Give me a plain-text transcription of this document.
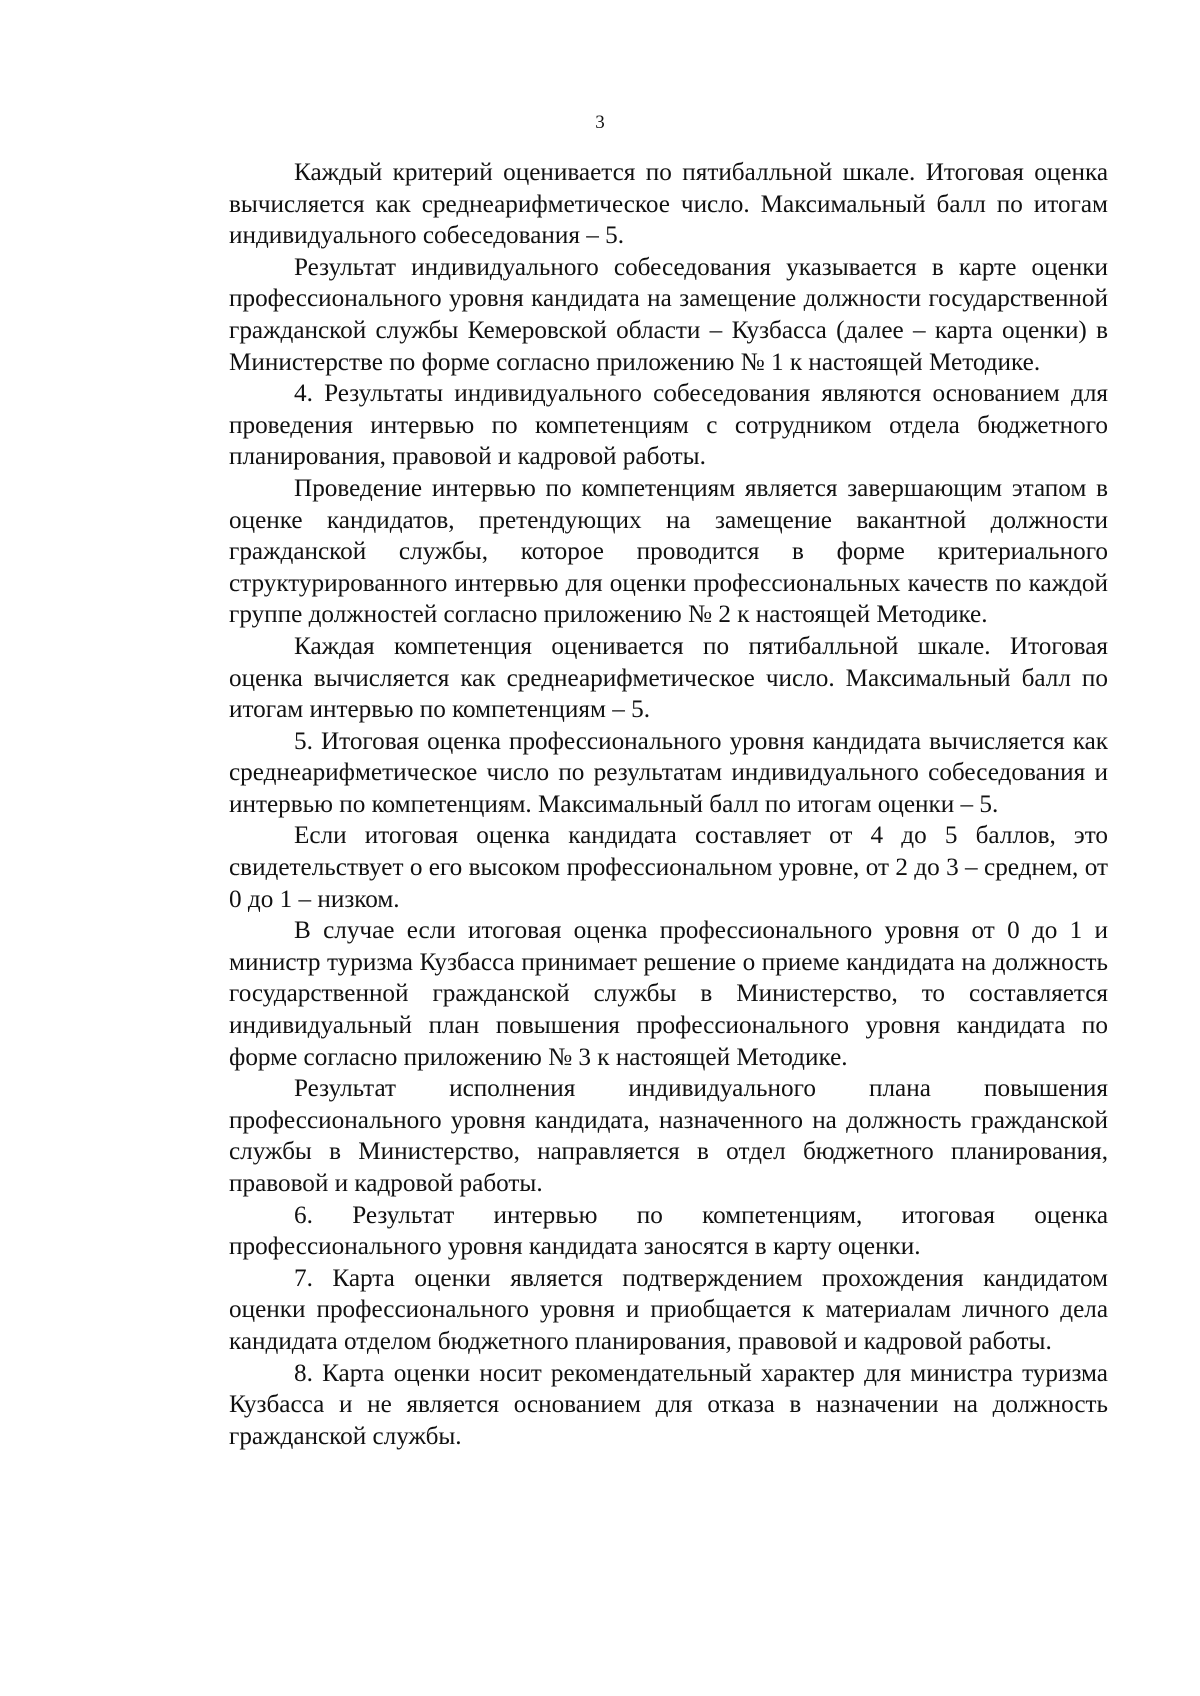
3

Каждый критерий оценивается по пятибалльной шкале. Итоговая оценка вычисляется как среднеарифметическое число. Максимальный балл по итогам индивидуального собеседования – 5.

Результат индивидуального собеседования указывается в карте оценки профессионального уровня кандидата на замещение должности государственной гражданской службы Кемеровской области – Кузбасса (далее – карта оценки) в Министерстве по форме согласно приложению № 1 к настоящей Методике.

4. Результаты индивидуального собеседования являются основанием для проведения интервью по компетенциям с сотрудником отдела бюджетного планирования, правовой и кадровой работы.

Проведение интервью по компетенциям является завершающим этапом в оценке кандидатов, претендующих на замещение вакантной должности гражданской службы, которое проводится в форме критериального структурированного интервью для оценки профессиональных качеств по каждой группе должностей согласно приложению № 2 к настоящей Методике.

Каждая компетенция оценивается по пятибалльной шкале. Итоговая оценка вычисляется как среднеарифметическое число. Максимальный балл по итогам интервью по компетенциям – 5.

5. Итоговая оценка профессионального уровня кандидата вычисляется как среднеарифметическое число по результатам индивидуального собеседования и интервью по компетенциям. Максимальный балл по итогам оценки – 5.

Если итоговая оценка кандидата составляет от 4 до 5 баллов, это свидетельствует о его высоком профессиональном уровне, от 2 до 3 – среднем, от 0 до 1 – низком.

В случае если итоговая оценка профессионального уровня от 0 до 1 и министр туризма Кузбасса принимает решение о приеме кандидата на должность государственной гражданской службы в Министерство, то составляется индивидуальный план повышения профессионального уровня кандидата по форме согласно приложению № 3 к настоящей Методике.

Результат исполнения индивидуального плана повышения профессионального уровня кандидата, назначенного на должность гражданской службы в Министерство, направляется в отдел бюджетного планирования, правовой и кадровой работы.

6. Результат интервью по компетенциям, итоговая оценка профессионального уровня кандидата заносятся в карту оценки.

7. Карта оценки является подтверждением прохождения кандидатом оценки профессионального уровня и приобщается к материалам личного дела кандидата отделом бюджетного планирования, правовой и кадровой работы.

8. Карта оценки носит рекомендательный характер для министра туризма Кузбасса и не является основанием для отказа в назначении на должность гражданской службы.
